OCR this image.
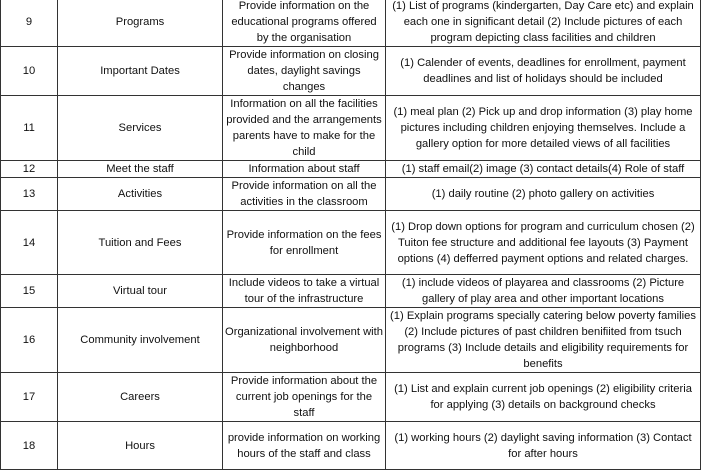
9	Programs	Provide information on the educational programs offered by the organisation	(1) List of programs (kindergarten, Day Care etc) and explain each one in significant detail (2) Include pictures of each program depicting class facilities and children
10	Important Dates	Provide information on closing dates, daylight savings changes	(1) Calender of events, deadlines for enrollment, payment deadlines and list of holidays should be included
11	Services	Information on all the facilities provided and the arrangements parents have to make for the child	(1) meal plan (2) Pick up and drop information (3) play home pictures including children enjoying themselves. Include a gallery option for more detailed views of all facilities
12	Meet the staff	Information about staff	(1) staff email(2) image (3) contact details(4) Role of staff
13	Activities	Provide information on all the activities in the classroom	(1) daily routine (2) photo gallery on activities
14	Tuition and Fees	Provide information on the fees for enrollment	(1) Drop down options for program and curriculum chosen (2) Tuiton fee structure and additional fee layouts (3) Payment options (4) defferred payment options and related charges.
15	Virtual tour	Include videos to take a virtual tour of the infrastructure	(1) include videos of playarea and classrooms (2) Picture gallery of play area and other important locations
16	Community involvement	Organizational involvement with neighborhood	(1) Explain programs specially catering below poverty families (2) Include pictures of past children benifiited from tsuch programs (3) Include details and eligibility requirements for benefits
17	Careers	Provide information about the current job openings for the staff	(1) List and explain current job openings (2) eligibility criteria for applying (3) details on background checks
18	Hours	provide information on working hours of the staff and class	(1) working hours (2) daylight saving information (3) Contact for after hours
